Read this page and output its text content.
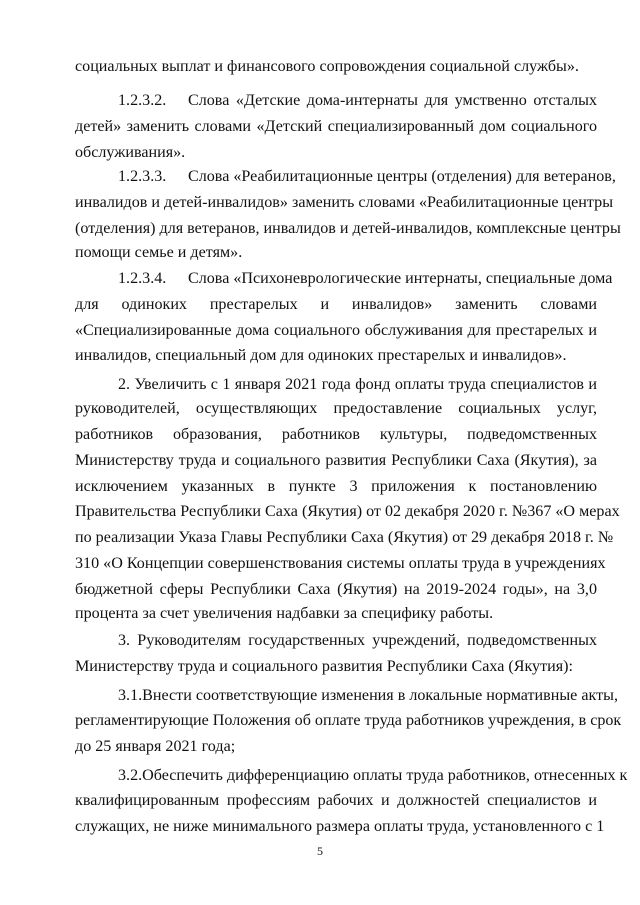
социальных выплат и финансового сопровождения социальной службы».
1.2.3.2. Слова «Детские дома-интернаты для умственно отсталых
детей» заменить словами «Детский специализированный дом социального
обслуживания».
1.2.3.3. Слова «Реабилитационные центры (отделения) для ветеранов,
инвалидов и детей-инвалидов» заменить словами «Реабилитационные центры
(отделения) для ветеранов, инвалидов и детей-инвалидов, комплексные центры
помощи семье и детям».
1.2.3.4. Слова «Психоневрологические интернаты, специальные дома
для одиноких престарелых и инвалидов» заменить словами
«Специализированные дома социального обслуживания для престарелых и
инвалидов, специальный дом для одиноких престарелых и инвалидов».
2. Увеличить с 1 января 2021 года фонд оплаты труда специалистов и
руководителей, осуществляющих предоставление социальных услуг,
работников образования, работников культуры, подведомственных
Министерству труда и социального развития Республики Саха (Якутия), за
исключением указанных в пункте 3 приложения к постановлению
Правительства Республики Саха (Якутия) от 02 декабря 2020 г. №367 «О мерах
по реализации Указа Главы Республики Саха (Якутия) от 29 декабря 2018 г. №
310 «О Концепции совершенствования системы оплаты труда в учреждениях
бюджетной сферы Республики Саха (Якутия) на 2019-2024 годы», на 3,0
процента за счет увеличения надбавки за специфику работы.
3. Руководителям государственных учреждений, подведомственных
Министерству труда и социального развития Республики Саха (Якутия):
3.1.Внести соответствующие изменения в локальные нормативные акты,
регламентирующие Положения об оплате труда работников учреждения, в срок
до 25 января 2021 года;
3.2.Обеспечить дифференциацию оплаты труда работников, отнесенных к
квалифицированным профессиям рабочих и должностей специалистов и
служащих, не ниже минимального размера оплаты труда, установленного с 1
5
